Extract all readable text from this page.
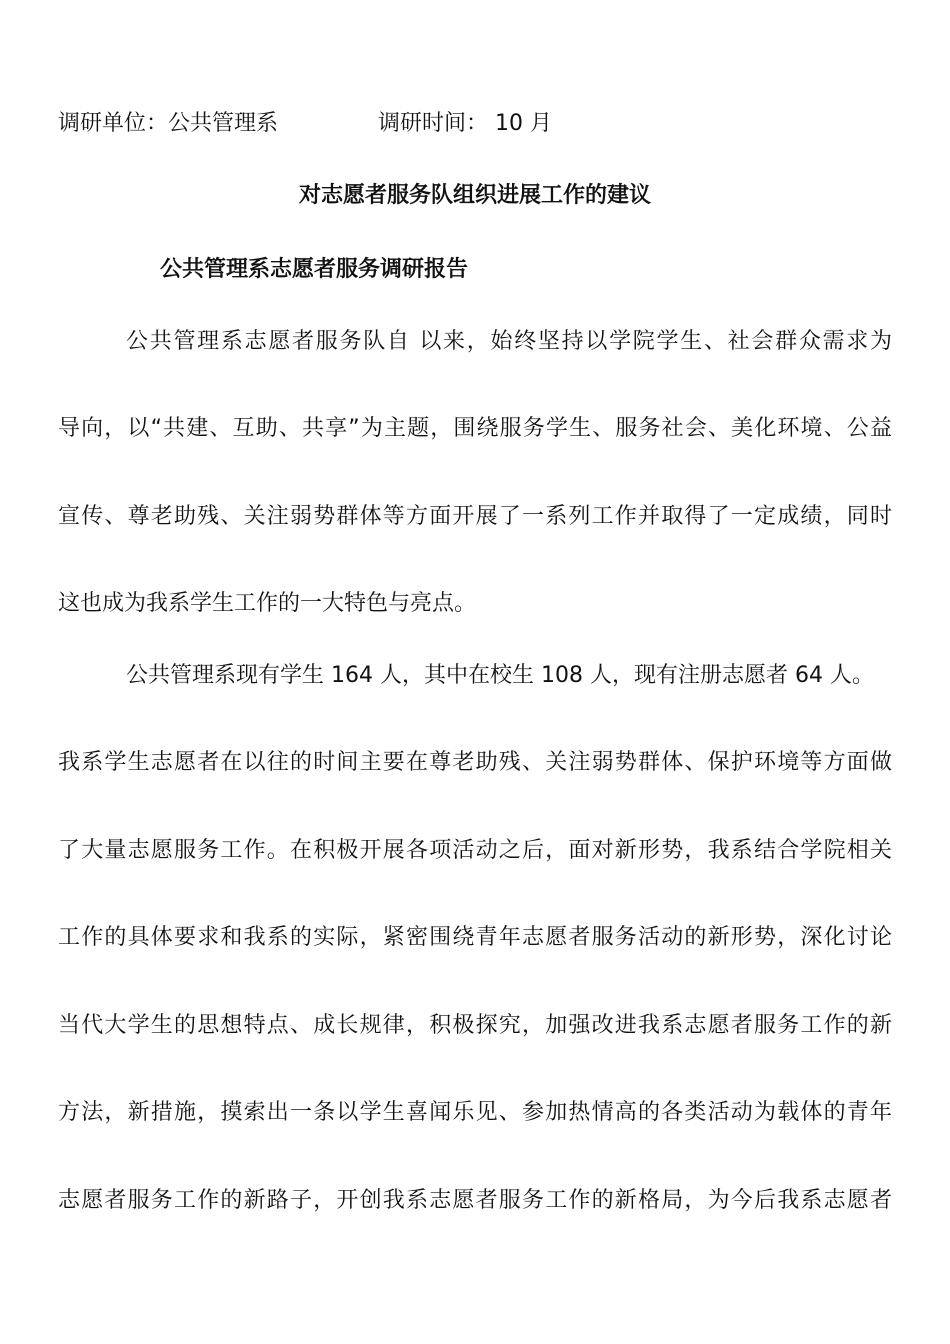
调研单位：公共管理系	调研时间： 10 月
对志愿者服务队组织进展工作的建议
公共管理系志愿者服务调研报告
公共管理系志愿者服务队自 以来，始终坚持以学院学生、社会群众需求为
导向，以“共建、互助、共享”为主题，围绕服务学生、服务社会、美化环境、公益
宣传、尊老助残、关注弱势群体等方面开展了一系列工作并取得了一定成绩，同时
这也成为我系学生工作的一大特色与亮点。
公共管理系现有学生 164 人，其中在校生 108 人，现有注册志愿者 64 人。
我系学生志愿者在以往的时间主要在尊老助残、关注弱势群体、保护环境等方面做
了大量志愿服务工作。在积极开展各项活动之后，面对新形势，我系结合学院相关
工作的具体要求和我系的实际，紧密围绕青年志愿者服务活动的新形势，深化讨论
当代大学生的思想特点、成长规律，积极探究，加强改进我系志愿者服务工作的新
方法，新措施，摸索出一条以学生喜闻乐见、参加热情高的各类活动为载体的青年
志愿者服务工作的新路子，开创我系志愿者服务工作的新格局，为今后我系志愿者
